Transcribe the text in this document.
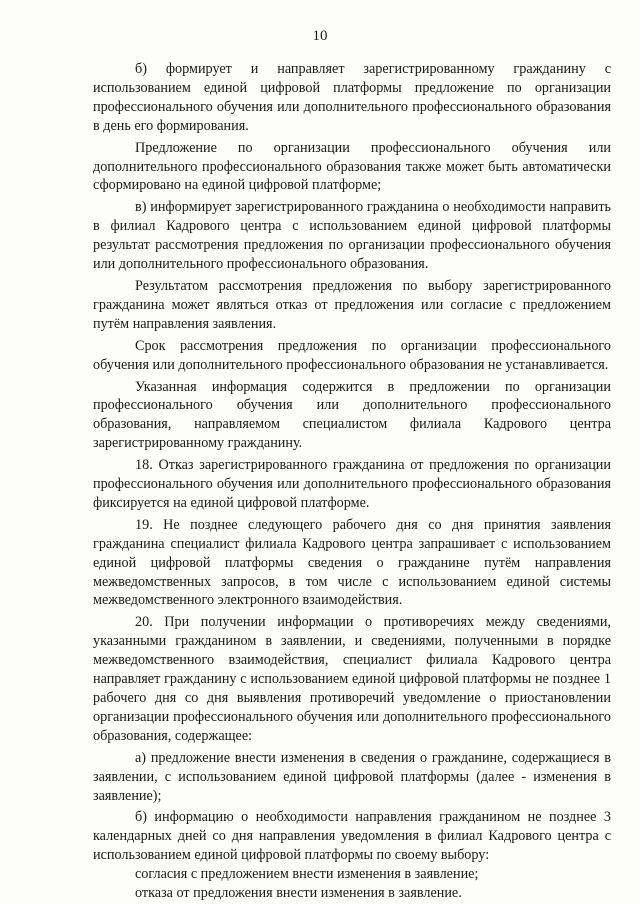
10

б) формирует и направляет зарегистрированному гражданину с использованием единой цифровой платформы предложение по организации профессионального обучения или дополнительного профессионального образования в день его формирования.

Предложение по организации профессионального обучения или дополнительного профессионального образования также может быть автоматически сформировано на единой цифровой платформе;

в) информирует зарегистрированного гражданина о необходимости направить в филиал Кадрового центра с использованием единой цифровой платформы результат рассмотрения предложения по организации профессионального обучения или дополнительного профессионального образования.

Результатом рассмотрения предложения по выбору зарегистрированного гражданина может являться отказ от предложения или согласие с предложением путём направления заявления.

Срок рассмотрения предложения по организации профессионального обучения или дополнительного профессионального образования не устанавливается.

Указанная информация содержится в предложении по организации профессионального обучения или дополнительного профессионального образования, направляемом специалистом филиала Кадрового центра зарегистрированному гражданину.

18. Отказ зарегистрированного гражданина от предложения по организации профессионального обучения или дополнительного профессионального образования фиксируется на единой цифровой платформе.

19. Не позднее следующего рабочего дня со дня принятия заявления гражданина специалист филиала Кадрового центра запрашивает с использованием единой цифровой платформы сведения о гражданине путём направления межведомственных запросов, в том числе с использованием единой системы межведомственного электронного взаимодействия.

20. При получении информации о противоречиях между сведениями, указанными гражданином в заявлении, и сведениями, полученными в порядке межведомственного взаимодействия, специалист филиала Кадрового центра направляет гражданину с использованием единой цифровой платформы не позднее 1 рабочего дня со дня выявления противоречий уведомление о приостановлении организации профессионального обучения или дополнительного профессионального образования, содержащее:

а) предложение внести изменения в сведения о гражданине, содержащиеся в заявлении, с использованием единой цифровой платформы (далее - изменения в заявление);

б) информацию о необходимости направления гражданином не позднее 3 календарных дней со дня направления уведомления в филиал Кадрового центра с использованием единой цифровой платформы по своему выбору:

согласия с предложением внести изменения в заявление;

отказа от предложения внести изменения в заявление.
